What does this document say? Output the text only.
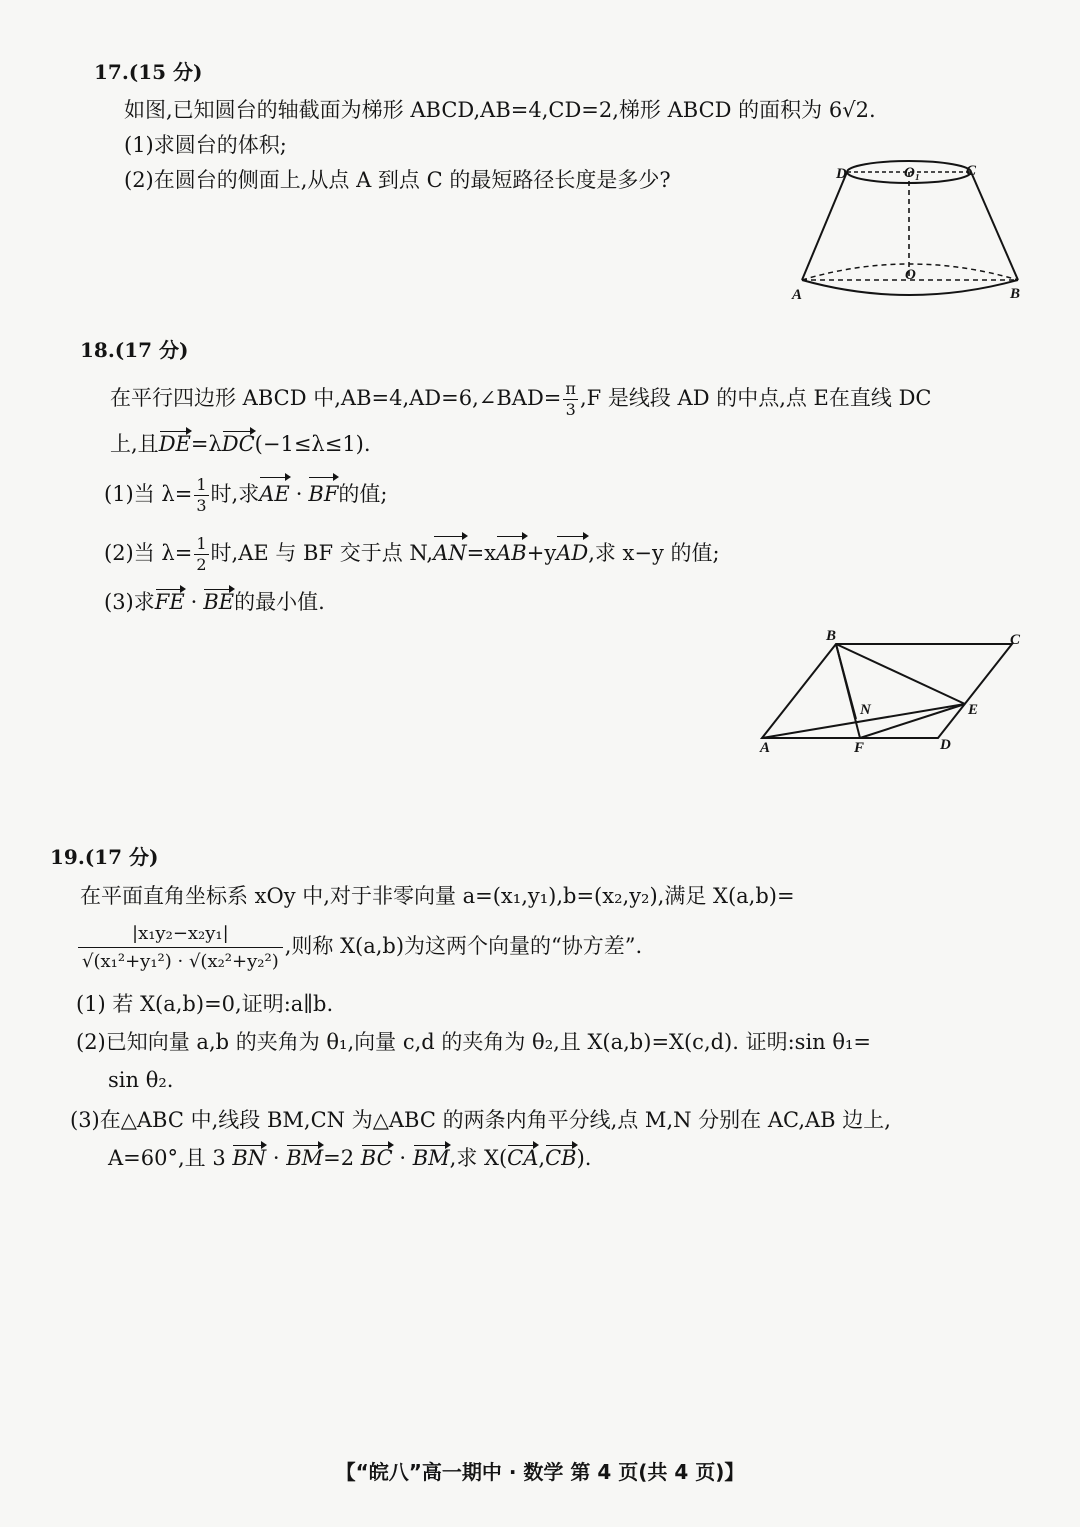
17.(15 分)
如图,已知圆台的轴截面为梯形 ABCD,AB=4,CD=2,梯形 ABCD 的面积为 6√2.
(1)求圆台的体积;
(2)在圆台的侧面上,从点 A 到点 C 的最短路径长度是多少?	D	O₁	C
O
A	B
18.(17 分)
在平行四边形 ABCD 中,AB=4,AD=6,∠BAD= $\frac{\pi}{3} ,F$ 是线段 AD 的中点,点 E在直线 DC
上,且DE=λDC(−1≤λ≤1).
(1)当 $\lambda= \frac{1}{3}$ 时,求AE · BF的值;
(2)当 $\lambda= \frac{1}{2}$ 时,AE 与 BF 交于点 N,AN=xAB+yAD,求 x−y 的值;
(3)求FE · BE的最小值.
B	C
N	E
A	F	D
19.(17 分)
在平面直角坐标系 xOy 中,对于非零向量 a=(x₁,y₁),b=(x₂,y₂),满足 X(a,b)=
$\frac{\text{|x₁y₂−x₂y₁|}}{\text{√(x₁²+y₁²) · √(x₂²+y₂²)}}$ ,则称 X(a,b)为这两个向量的“协方差”.
(1) 若 X(a,b)=0,证明:a∥b.
(2)已知向量 a,b 的夹角为 θ₁,向量 c,d 的夹角为 θ₂,且 X(a,b)=X(c,d). 证明:sin θ₁=
sin θ₂.
(3)在△ABC 中,线段 BM,CN 为△ABC 的两条内角平分线,点 M,N 分别在 AC,AB 边上,
A=60°,且 3 BN · BM=2 BC · BM,求 X(CA,CB).
【“皖八”高一期中 · 数学 第 4 页(共 4 页)】
